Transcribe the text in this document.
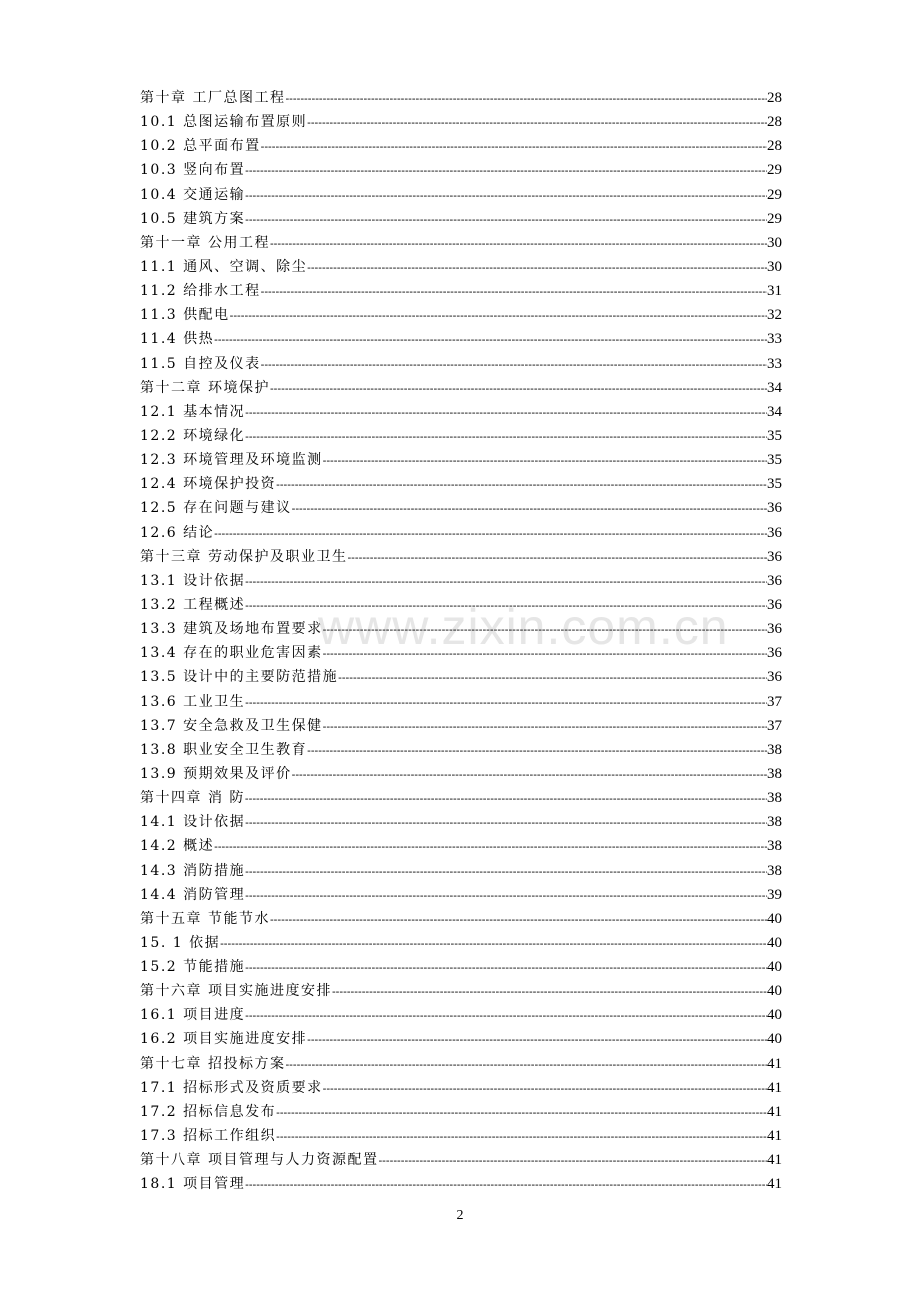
www.zixin.com.cn
第十章 工厂总图工程 -----	28
10.1 总图运输布置原则 -----	28
10.2 总平面布置 -----	28
10.3 竖向布置 -----	29
10.4 交通运输 -----	29
10.5 建筑方案 -----	29
第十一章 公用工程 -----	30
11.1 通风、空调、除尘 -----	30
11.2 给排水工程 -----	31
11.3 供配电 -----	32
11.4 供热 -----	33
11.5 自控及仪表 -----	33
第十二章 环境保护 -----	34
12.1 基本情况 -----	34
12.2 环境绿化 -----	35
12.3 环境管理及环境监测 -----	35
12.4 环境保护投资 -----	35
12.5 存在问题与建议 -----	36
12.6 结论 -----	36
第十三章 劳动保护及职业卫生 -----	36
13.1 设计依据 -----	36
13.2 工程概述 -----	36
13.3 建筑及场地布置要求 -----	36
13.4 存在的职业危害因素 -----	36
13.5 设计中的主要防范措施 -----	36
13.6 工业卫生 -----	37
13.7 安全急救及卫生保健 -----	37
13.8 职业安全卫生教育 -----	38
13.9 预期效果及评价 -----	38
第十四章 消 防 -----	38
14.1 设计依据 -----	38
14.2 概述 -----	38
14.3 消防措施 -----	38
14.4 消防管理 -----	39
第十五章 节能节水 -----	40
15. 1 依据 -----	40
15.2 节能措施 -----	40
第十六章 项目实施进度安排 -----	40
16.1 项目进度 -----	40
16.2 项目实施进度安排 -----	40
第十七章 招投标方案 -----	41
17.1 招标形式及资质要求 -----	41
17.2 招标信息发布 -----	41
17.3 招标工作组织 -----	41
第十八章 项目管理与人力资源配置 -----	41
18.1 项目管理 -----	41
2
